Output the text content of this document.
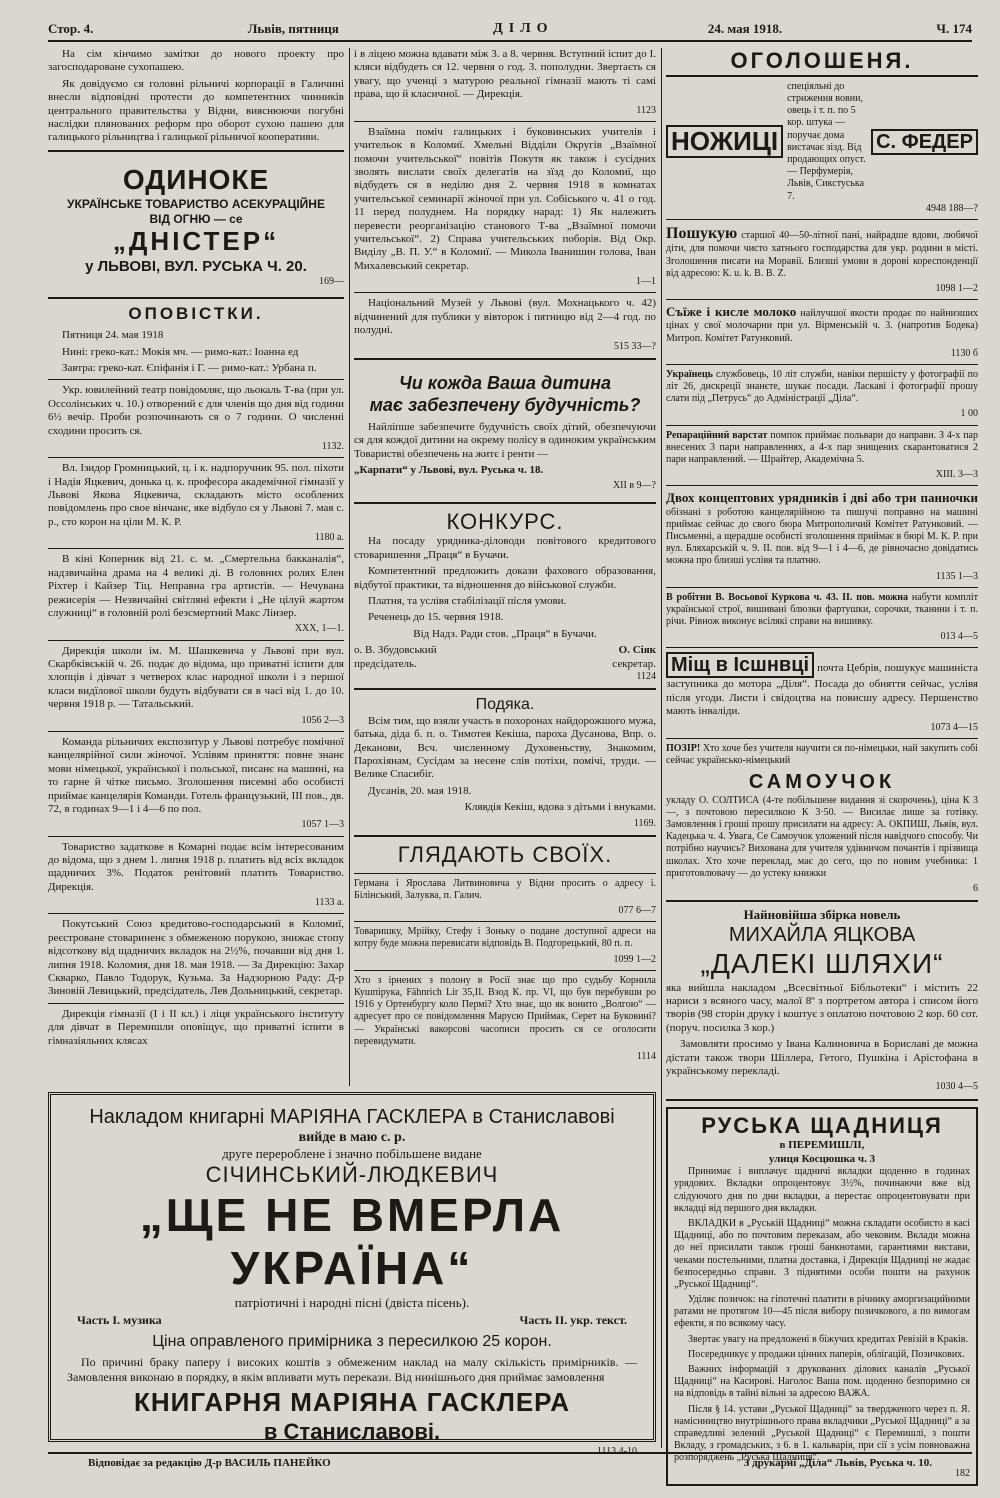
Стор. 4.	Львів, пятниця	ДІЛО	24. мая 1918.	Ч. 174

На сім кінчимо замітки до нового проекту про загосподароване сухопашею.

Як довідуємо ся головні рільничі корпорації в Галичині внесли відповідні протести до компетентних чинників центрального правительства у Відни, вияснюючи погубні наслідки плянованих реформ про оборот сухою пашею для галицького рільництва і галицької рільничої кооперативи.

ОДИНОКЕ
УКРАЇНСЬКЕ ТОВАРИСТВО АСЕКУРАЦІЙНЕ
ВІД ОГНЮ — се
„ДНІСТЕР“
у ЛЬВОВІ, ВУЛ. РУСЬКА Ч. 20.
169—
ОПОВІСТКИ.

Пятниця 24. мая 1918

Нині: греко-кат.: Мокія мч. — римо-кат.: Іоанна ед

Завтра: греко-кат. Єпіфанія і Г. — римо-кат.: Урбана п.

Укр. ювилейний театр повідомляє, що льокаль Т-ва (при ул. Оссолінських ч. 10.) отворений є для членів що дня від години 6½ вечір. Проби розпочинають ся о 7 години. О численні сходини просить ся.

1132.

Вл. Ізидор Громницький, ц. і к. надпоручник 95. пол. піхоти і Надія Яцкевич, донька ц. к. професора академічної гімназії у Львові Якова Яцкевича, складають місто особлених повідомлень про свое вінчанє, яке відбуло ся у Львові 7. мая с. р., сто корон на ціли М. К. Р.

1180 а.

В кіні Коперник від 21. с. м. „Смертельна бакканалія“, надзвичайна драма на 4 великі ді. В головних ролях Елен Ріхтер і Кайзер Тіц. Неправна гра артистів. — Нечувана режисерія — Незвичайні світляні ефекти і „Не цілуй жартом служниці“ в головній ролі безсмертний Макс Лінзер.

XXX, 1—1.

Дирекція школи ім. М. Шашкевича у Львові при вул. Скарбківській ч. 26. подає до відома, що приватні іспити для хлопців і дівчат з четверох клас народної школи і з першої класи видїлової школи будуть відбувати ся в часі від 1. до 10. червня 1918 р. — Татальський.

1056 2—3

Команда рільничих експозитур у Львові потребує помічної канцелярійної сили жіночої. Услівям приняття: повне знанє мови німецької, української і польської, писанє на машині, на то гарне й чітке письмо. Зголошення писемні або особисті приймає канцелярія Команди. Готель французький, III пов., дв. 72, в годинах 9—1 і 4—6 по пол.

1057 1—3

Товариство задаткове в Комарні подає всім інтересованим до відома, що з днем 1. липня 1918 р. платить від всіх вкладок щадничих 3%. Податок ренітовий платить Товариство. Дирекція.

1133 а.

Покутський Союз кредитово-господарський в Коломиї, реєстроване стовариненє з обмеженою порукою, знижає стопу відсоткову від щадничих вкладок на 2½%, почавши від дня 1. липня 1918. Коломия, дня 18. мая 1918. — За Дирекцію: Захар Скварко, Павло Тодорук, Кузьма. За Надзорною Раду: Д-р Зиновій Левицький, предсідатель, Лев Дольницький, секретар.

Дирекція гімназії (I і II кл.) і ліця українського інституту для дівчат в Перемишли оповіщує, що приватні іспити в гімназіяльних клясах

і в ліцею можна вдавати між 3. а 8. червня. Вступний іспит до I. кляси відбудеть ся 12. червня о год. 3. пополудни. Звертаєть ся увагу, що ученці з матурою реальної гімназії мають ті самі права, що й класичної. — Дирекція.

1123

Взаїмна поміч галицьких і буковинських учителів і учительок в Коломиї. Хмельні Відділи Округів „Взаїмної помочи учительської“ повітів Покутя як також і сусідних зволять вислати своїх делегатів на зїзд до Коломиї, що відбудеть ся в неділю дня 2. червня 1918 в комнатах учительської семинарії жіночої при ул. Собіського ч. 41 о год. 11 перед полуднем. На порядку нарад: 1) Як належить перевести реорганізацію станового Т-ва „Взаїмної помочи учительської“. 2) Справа учительських поборів. Від Окр. Виділу „В. П. У.“ в Коломиї. — Микола Іванишин голова, Іван Михалевський секретар.

1—1

Національний Музей у Львові (вул. Мохнацького ч. 42) відчинений для публики у вівторок і пятницю від 2—4 год. по полуднi.

515 33—?
Чи кожда Ваша дитина
має забезпечену будучність?

Найліпше забезпечите будучність своїх дітий, обезпечуючи ся для кождої дитини на окрему полісу в одиноким українським Товаристві обезпечень на житє і ренти —

„Карпати“ у Львові, вул. Руська ч. 18.

XII в 9—?
КОНКУРС.

На посаду урядника-діловоди повітового кредитового стоваришення „Праця“ в Бучачи.

Компетентний предложить докази фахового образовання, відбутої практики, та відношення до військової служби.

Платня, та услівя стабілізації після умови.

Реченець до 15. червня 1918.

Від Надз. Ради стов. „Праця“ в Бучачи.

о. В. Збудовський
предсідатель.
О. Сіяк
секретар.
1124
Подяка.

Всім тим, що взяли участь в похоронах найдорожшого мужа, батька, діда б. п. о. Тимотея Кекіша, пароха Дусанова, Впр. о. Деканови, Всч. численному Духовеньству, Знакомим, Парохіянам, Сусідам за несене слів потіхи, помічі, труди. — Велике Спасибіг.

Дусанів, 20. мая 1918.

Клявдія Кекіш, вдова з дітьми і внуками.

1169.
ГЛЯДАЮТЬ СВОЇХ.

Германа і Ярослава Литвиновича у Відни просить о адресу і. Білінський, Залуква, п. Галич.

077 6—7

Товаришку, Мрійку, Стефу і Зоньку о подане доступної адреси на котру буде можна перевисати відповідь В. Подгорецький, 80 п. п.

1099 1—2

Хто з ірнених з полону в Росії знає що про судьбу Корнила Кушпірука, Fähnrich Lir 35,II. Взод К. пр. VI, що був перебувши ро 1916 у Ортенбургу коло Пермі? Хто знає, що як вонито „Волгою“ — адресует про се повідомлення Марусю Приймак, Серет на Буковині? — Українські вакорсові часописи просить ся се оголосити перевидумати.

1114
ОГОЛОШЕНЯ.
НОЖИЦІ
спеціяльні до стриження вовни, овець і т. п. по 5 кор. штука — поручає дома вистачає зізд. Від продающих опуст. — Перфумерія, Львів, Сикстуська 7.
С. ФЕДЕР
4948 188—?

Пошукую старшої 40—50-літної пані, найрадше вдови, любячої діти, для помочи чисто хатнього господарства для укр. родини в місті. Зголошення писати на Моравії. Близші умови в дорові кореспонденції від адресою: К. u. k. В. В. Z.

1098 1—2

Съїже і кисле молоко найлучшої якости продає по найнизших цінах у свої молочарни при ул. Вірменській ч. 3. (напротив Бодека) Митроп. Комітет Ратунковий.

1130 б

Українець службовець, 10 літ служби, навіки першісту у фотографії по літ 26, дискреції знанєте, шукає посади. Ласкаві і фотографії прошу слати під „Петрусь“ до Адміністрації „Діла“.

1 00

Репараційний варстат помпок приймає польвари до направи. З 4-х пар внесених 3 пари направленнях, а 4-х пар знищених скарантоватися 2 пари направлений. — Шрайтер, Академічна 5.

XIII. 3—3

Двох концептових урядників і дві або три панночки обізнані з роботою канцелярійною та пишучі поправно на машині приймає сейчас до свого бюра Митрополичий Комітет Ратунковий. — Письменні, а щерадше особисті зголошення приймає в бюрі М. К. Р. при вул. Бляхарській ч. 9. II. пов. від 9—1 і 4—6, де рівночасно довідатись можна про близші услівя та платню.

1135 1—3

В робітни В. Восьової Куркова ч. 43. II. пов. можна набути компліт української строї, вишивані блюзки фартушки, сорочки, тканини і т. п. річи. Рівнож виконує всілякі справи на вишивку.

013 4—5

Міщ в Ісшнвці почта Цебрів, пошукує машиніста заступника до мотора „Діля“. Посада до обняття сейчас, услівя після угоди. Листи і свідоцтва на повисшу адресу. Першенство мають інваліди.

1073 4—15

ПОЗІР! Хто хоче без учителя научити ся по-німецьки, най закупить собі сейчас українсько-німецький

САМОУЧОК

укладу О. СОЛТИСА (4-те побільшене видання зі скорочень), ціна К 3—, з почтовою пересилкою К 3·50. — Висилає лише за готівку. Замовлення і гроші прошу присилати на адресу: А. ОКПИШ, Львів, вул. Кадецька ч. 4. Увага, Се Самоучок уложений після навідчого способу. Чи потрібно научись? Вихована для учителя удівничом почантів і прізвища школах. Хто хоче переклад, має до сего, що по новим учебника: 1 приготовлювачу — до устеку книжки

6
Найновійша збірка новель
МИХАЙЛА ЯЦКОВА
„ДАЛЕКІ ШЛЯХИ“

яка вийшла накладом „Всесвітньої Бібльотеки“ і містить 22 нариси з всяного часу, малої 8º з портретом автора і списом його творів (98 сторін друку і коштує з оплатою почтовою 2 кор. 60 сот. (поруч. посилка 3 кор.)

Замовляти просимо у Івана Калиновича в Бориславі де можна дістати також твори Шіллера, Гетого, Пушкіна і Арістофана в українському перекладі.

1030 4—5
РУСЬКА ЩАДНИЦЯ
в ПЕРЕМИШЛІ,
улиця Косцюшка ч. 3

Принимає і виплачує щадничі вкладки щоденно в годинах урядових. Вкладки опроцентовує 3½%, починаючи вже від слідуючого дня по дни вкладки, а перестає опроцентовувати при вкладці від першого дня вкладки.

ВКЛАДКИ в „Руській Щадниці“ можна складати особисто в касі Щадниці, або по почтовим переказам, або чековим. Вклади можна до неї присилати також гроші банкнотами, гарантиями вистави, чеками постельними, платна доставка, і Дирекція Щадниці не жадає безпосередньо справи. З піднятими особи пошти на рахунок „Руської Щадниці“.

Уділяє позичок: на гіпотечні платити в річнику аморгизацийними ратами не протягом 10—45 після вибору позичкового, а по вимогам ефекти, я по всякому часу.

Звертає увагу на предложені в біжучих кредитах Ревізій в Краків.

Посередникує у продажи цінних паперів, облігацій, Позичкових.

Важних інформацій з друкованих ділових каналів „Руської Щадниці“ на Касирові. Наголос Ваша пом. щоденно безпоримно ся на відповідь в тайні вільні за адресою ВАЖА.

Після § 14. устави „Руської Щадниці“ за твердженого через п. Я. наміснництво внутрішнього права вкладчики „Руської Щадниці“ а за справедливі зелений „Руськой Щадниці“ є Перемишлі, з пошти Вкладу, з громадських, з 6. в 1. кальварія, при сії з усім повноважна розпоряджень „Руська Щадниця“.

182
Накладом книгарні МАРІЯНА ГАСКЛЕРА в Станиславові
вийде в маю с. р.
друге перероблене і значно побільшене видане
СІЧИНСЬКИЙ-ЛЮДКЕВИЧ
„ЩЕ НЕ ВМЕРЛА УКРАЇНА“
патріотичні і народні пісні (двіста пісень).
Часть I. музика	Часть II. укр. текст.
Ціна оправленого примірника з пересилкою 25 корон.

По причині браку паперу і високих коштів з обмеженим наклад на малу скількість примірників. — Замовлення виконаю в порядку, в якім впливати муть перекази. Від нинішнього дня приймає замовлення

КНИГАРНЯ МАРІЯНА ГАСКЛЕРА
в Станиславові.
1113 4-10
Відповідає за редакцію Д-р ВАСИЛЬ ПАНЕЙКО	З друкарні „Діла“ Львів, Руська ч. 10.
